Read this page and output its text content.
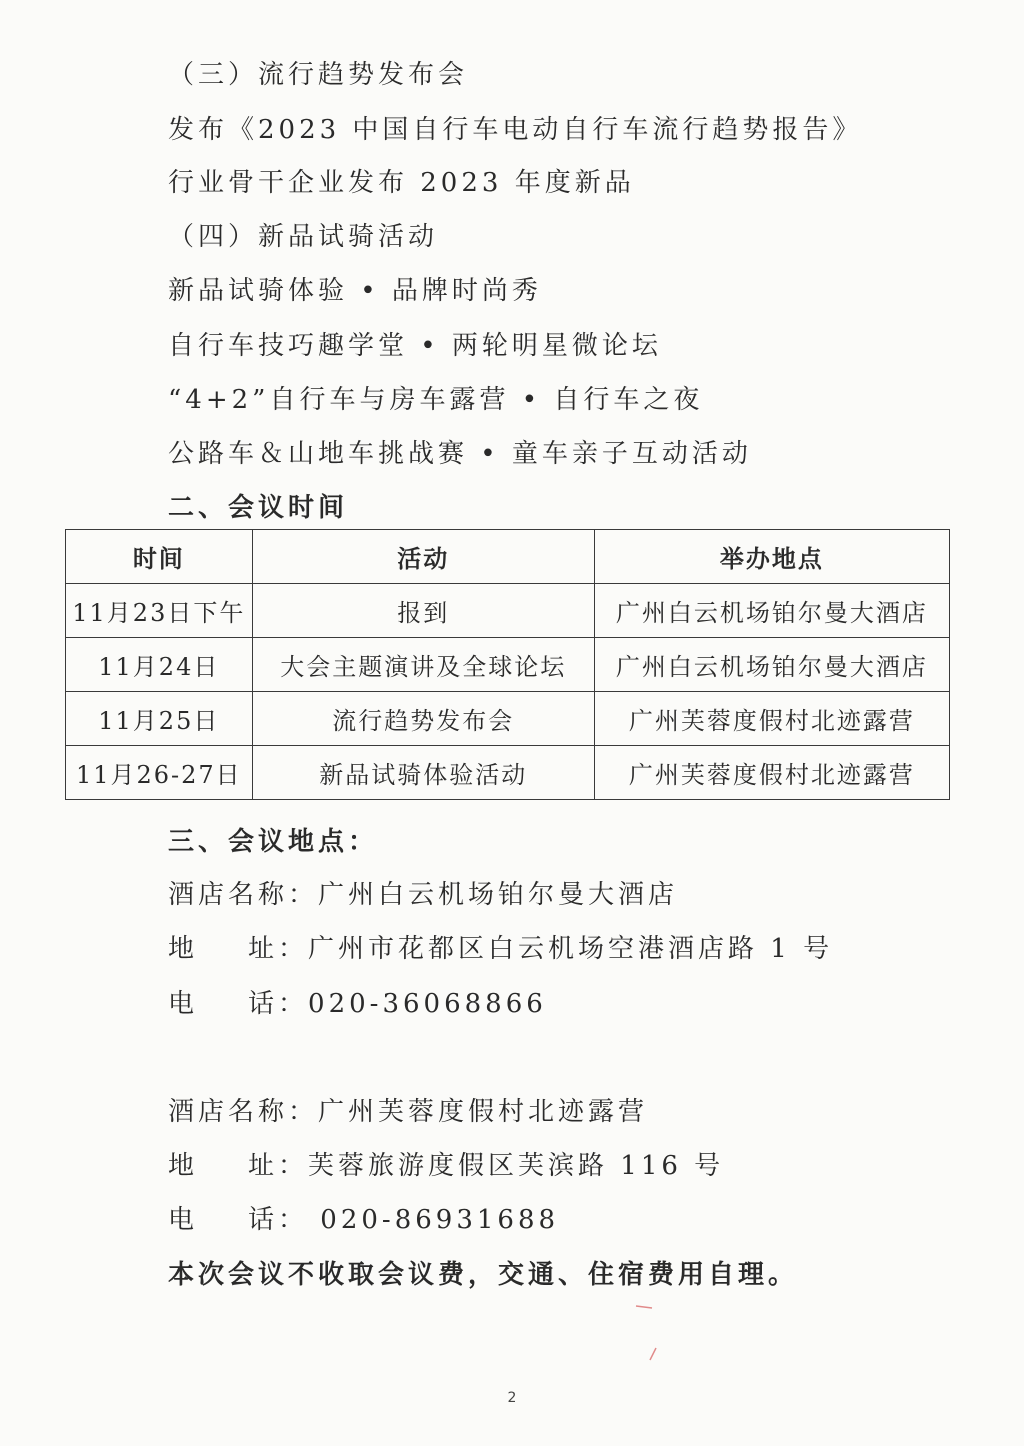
（三）流行趋势发布会

发布《2023 中国自行车电动自行车流行趋势报告》

行业骨干企业发布 2023 年度新品

（四）新品试骑活动

新品试骑体验 • 品牌时尚秀

自行车技巧趣学堂 • 两轮明星微论坛

“4+2”自行车与房车露营 • 自行车之夜

公路车＆山地车挑战赛 • 童车亲子互动活动

二、会议时间

时间	活动	举办地点
11月23日下午	报到	广州白云机场铂尔曼大酒店
11月24日	大会主题演讲及全球论坛	广州白云机场铂尔曼大酒店
11月25日	流行趋势发布会	广州芙蓉度假村北迹露营
11月26-27日	新品试骑体验活动	广州芙蓉度假村北迹露营

三、会议地点：

酒店名称：广州白云机场铂尔曼大酒店

地 址：广州市花都区白云机场空港酒店路 1 号

电 话：020-36068866

酒店名称：广州芙蓉度假村北迹露营

地 址：芙蓉旅游度假区芙滨路 116 号

电 话： 020-86931688

本次会议不收取会议费，交通、住宿费用自理。

2
